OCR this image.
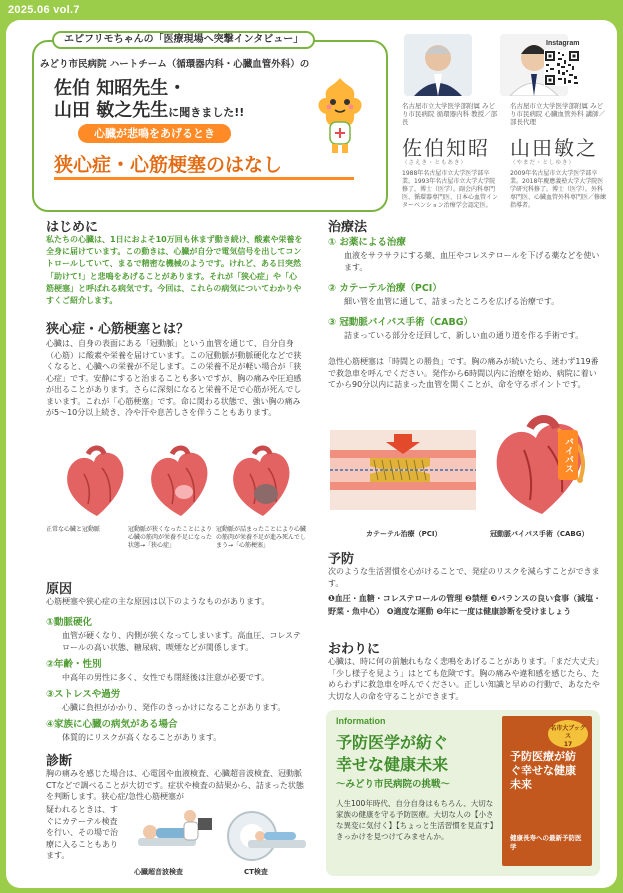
2025.06 vol.7
エピフリモちゃんの「医療現場へ突撃インタビュー」
みどり市民病院 ハートチーム（循環器内科・心臓血管外科）の
佐伯 知昭先生・
山田 敏之先生に聞きました!!
心臓が悲鳴をあげるとき
狭心症・心筋梗塞のはなし
Instagram
名古屋市立大学医学部附属 みどり市民病院 循環器内科 教授／部長
佐伯知昭
（さえき・ともあき）
1988年名古屋市立大学医学部卒業。1993年名古屋市立大学大学院修了。博士（医学）。副会内科専門医、循環器専門医、日本心血管インターベンション治療学会認定医。
名古屋市立大学医学部附属 みどり市民病院 心臓血管外科 講師／部長代理
山田敏之
（やまだ・としゆき）
2009年名古屋市立大学医学部卒業。2018年慶應義塾大学大学院医学研究科修了。博士（医学）。外科専門医、心臓血管外科専門医／修練指導者。
はじめに
私たちの心臓は、1日におよそ10万回も休まず動き続け、酸素や栄養を全身に届けています。この動きは、心臓が自分で電気信号を出してコントロールしていて、まるで精密な機械のようです。けれど、ある日突然「助けて!」と悲鳴をあげることがあります。それが「狭心症」や「心筋梗塞」と呼ばれる病気です。今回は、これらの病気についてわかりやすくご紹介します。
狭心症・心筋梗塞とは？
心臓は、自身の表面にある「冠動脈」という血管を通じて、自分自身（心筋）に酸素や栄養を届けています。この冠動脈が動脈硬化などで狭くなると、心臓への栄養が不足します。この栄養不足が軽い場合が「狭心症」です。安静にすると治まることも多いですが、胸の痛みや圧迫感が出ることがあります。さらに深刻になると栄養不足で心筋が死んでしまいます。これが「心筋梗塞」です。命に関わる状態で、強い胸の痛みが5～10分以上続き、冷や汗や息苦しさを伴うこともあります。
正常な心臓と冠動脈	冠動脈が狭くなったことにより心臓の筋肉が栄養不足になった状態→「狭心症」
冠動脈が詰まったことにより心臓の筋肉が栄養不足が進み死んでしまう→「心筋梗塞」
原因
心筋梗塞や狭心症の主な原因は以下のようなものがあります。
①動脈硬化
血管が硬くなり、内側が狭くなってしまいます。高血圧、コレステロールの高い状態、糖尿病、喫煙などが関係します。
②年齢・性別
中高年の男性に多く、女性でも閉経後は注意が必要です。
③ストレスや過労
心臓に負担がかかり、発作のきっかけになることがあります。
④家族に心臓の病気がある場合
体質的にリスクが高くなることがあります。
診断
胸の痛みを感じた場合は、心電図や血液検査、心臓超音波検査、冠動脈CTなどで調べることが大切です。症状や検査の結果から、詰まった状態を判断します。狭心症/急性心筋梗塞が
疑われるときは、すぐにカテーテル検査を行い、その場で治療に入ることもあります。
心臓超音波検査	CT検査
治療法
① お薬による治療
血液をサラサラにする薬、血圧やコレステロールを下げる薬などを使います。
② カテーテル治療（PCI）
細い管を血管に通して、詰まったところを広げる治療です。
③ 冠動脈バイパス手術（CABG）
詰まっている部分を迂回して、新しい血の通り道を作る手術です。
急性心筋梗塞は「時間との勝負」です。胸の痛みが続いたら、迷わず119番で救急車を呼んでください。発作から6時間以内に治療を始め、病院に着いてから90分以内に詰まった血管を開くことが、命を守るポイントです。
バイパス
カテーテル治療（PCI）	冠動脈バイパス手術（CABG）
予防
次のような生活習慣を心がけることで、発症のリスクを減らすことができます。
❶血圧・血糖・コレステロールの管理 ❷禁煙 ❸バランスの良い食事（減塩・野菜・魚中心） ❹適度な運動 ❺年に一度は健康診断を受けましょう
おわりに
心臓は、時に何の前触れもなく悲鳴をあげることがあります。「まだ大丈夫」「少し様子を見よう」はとても危険です。胸の痛みや違和感を感じたら、ためらわずに救急車を呼んでください。正しい知識と早めの行動で、あなたや大切な人の命を守ることができます。
Information
予防医学が紡ぐ
幸せな健康未来
～みどり市民病院の挑戦～
人生100年時代、自分自身はもちろん、大切な家族の健康を守る予防医療。大切な人の【小さな異変に気付く】【ちょっと生活習慣を見直す】きっかけを見つけてみませんか。
名市大ブックス
17
予防医療が紡ぐ幸せな健康未来
健康長寿への最新予防医学
